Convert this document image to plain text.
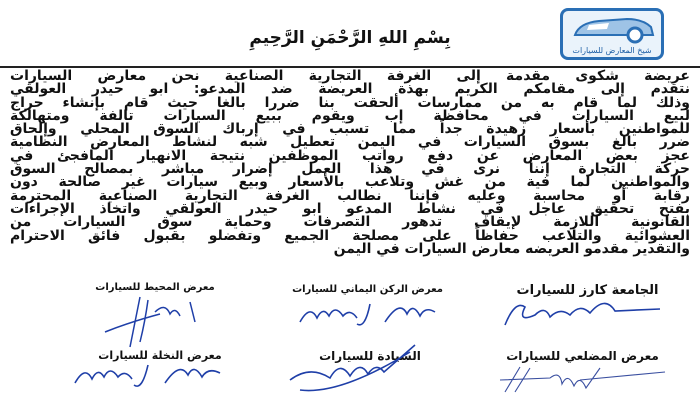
شيخ المعارض للسيارات
بِسْمِ اللهِ الرَّحْمَنِ الرَّحِيمِ
عريضة شكوى مقدمة إلى الغرفة التجارية الصناعية نحن معارض السيارات
نتقدم إلى مقامكم الكريم بهذة العريضة ضد المدعو: ابو حيدر العولقي
وذلك لما قام به من ممارسات ألحقت بنا ضررا بالغا حيث قام بإنشاء حراج
لبيع السيارات في محافظة إب ويقوم ببيع السيارات تالفة ومتهالكة
للمواطنين بأسعار زهيدة جداً مما تسبب في إرباك السوق المحلي وإلحاق
ضرر بالغ بسوق السيارات في اليمن تعطيل شبه لنشاط المعارض النظامية
عجز بعض المعارض عن دفع رواتب الموظفين نتيجة الانهيار المافجئ في
حركة التجارة إننا نرى في هذا العمل إضرار مباشر بمصالح السوق
والمواطنين لما فية من غش وتلاعب بالأسعار وبيع سيارات غير صالحة دون
رقابة أو محاسبة وعليه فإننا نطالب الغرفة التجارية الصناعية المحترمة
بفتح تحقيق عاجل في نشاط المدعو ابو حيدر العولقي واتخاذ الإجراءات
القانونية اللازمة لإيقاف تدهور التصرفات وحماية سوق السيارات من
العشوائية والتلاعب حفاظاً على مصلحة الجميع وتفضلو بقبول فائق الاحترام
والتقدير مقدمو العريضه معارض السيارات في اليمن
الجامعة كارز للسيارات
معرض الركن اليماني للسيارات
معرض المحيط للسيارات
معرض المضلعي للسيارات
السيادة للسيارات
معرض النخلة للسيارات
